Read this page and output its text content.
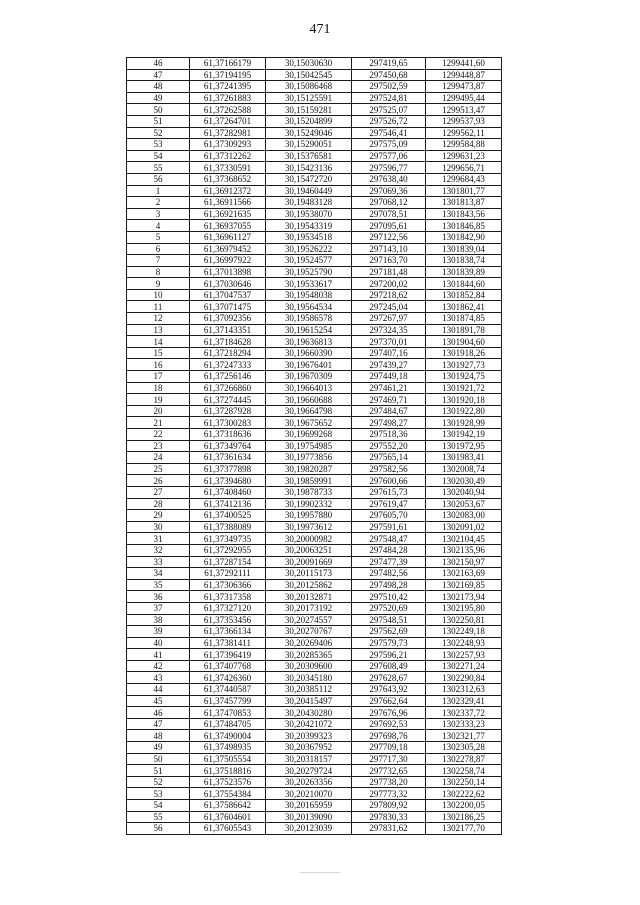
471
46	61,37166179	30,15030630	297419,65	1299441,60
47	61,37194195	30,15042545	297450,68	1299448,87
48	61,37241395	30,15086468	297502,59	1299473,87
49	61,37261883	30,15125591	297524,81	1299495,44
50	61,37262588	30,15159281	297525,07	1299513,47
51	61,37264701	30,15204899	297526,72	1299537,93
52	61,37282981	30,15249046	297546,41	1299562,11
53	61,37309293	30,15290051	297575,09	1299584,88
54	61,37312262	30,15376581	297577,06	1299631,23
55	61,37330591	30,15423136	297596,77	1299656,71
56	61,37368652	30,15472720	297638,40	1299684,43
1	61,36912372	30,19460449	297069,36	1301801,77
2	61,36911566	30,19483128	297068,12	1301813,87
3	61,36921635	30,19538070	297078,51	1301843,56
4	61,36937055	30,19543319	297095,61	1301846,85
5	61,36961127	30,19534518	297122,56	1301842,90
6	61,36979452	30,19526222	297143,10	1301839,04
7	61,36997922	30,19524577	297163,70	1301838,74
8	61,37013898	30,19525790	297181,48	1301839,89
9	61,37030646	30,19533617	297200,02	1301844,60
10	61,37047537	30,19548038	297218,62	1301852,84
11	61,37071475	30,19564534	297245,04	1301862,41
12	61,37092356	30,19586578	297267,97	1301874,85
13	61,37143351	30,19615254	297324,35	1301891,78
14	61,37184628	30,19636813	297370,01	1301904,60
15	61,37218294	30,19660390	297407,16	1301918,26
16	61,37247333	30,19676401	297439,27	1301927,73
17	61,37256146	30,19670309	297449,18	1301924,75
18	61,37266860	30,19664013	297461,21	1301921,72
19	61,37274445	30,19660688	297469,71	1301920,18
20	61,37287928	30,19664798	297484,67	1301922,80
21	61,37300283	30,19675652	297498,27	1301928,99
22	61,37318636	30,19699268	297518,36	1301942,19
23	61,37349764	30,19754985	297552,20	1301972,95
24	61,37361634	30,19773856	297565,14	1301983,41
25	61,37377898	30,19820287	297582,56	1302008,74
26	61,37394680	30,19859991	297600,66	1302030,49
27	61,37408460	30,19878733	297615,73	1302040,94
28	61,37412136	30,19902332	297619,47	1302053,67
29	61,37400525	30,19957880	297605,70	1302083,00
30	61,37388089	30,19973612	297591,61	1302091,02
31	61,37349735	30,20000982	297548,47	1302104,45
32	61,37292955	30,20063251	297484,28	1302135,96
33	61,37287154	30,20091669	297477,39	1302150,97
34	61,37292111	30,20115173	297482,56	1302163,69
35	61,37306366	30,20125862	297498,28	1302169,85
36	61,37317358	30,20132871	297510,42	1302173,94
37	61,37327120	30,20173192	297520,69	1302195,80
38	61,37353456	30,20274557	297548,51	1302250,81
39	61,37366134	30,20270767	297562,69	1302249,18
40	61,37381411	30,20269406	297579,73	1302248,93
41	61,37396419	30,20285365	297596,21	1302257,93
42	61,37407768	30,20309600	297608,49	1302271,24
43	61,37426360	30,20345180	297628,67	1302290,84
44	61,37440587	30,20385112	297643,92	1302312,63
45	61,37457799	30,20415497	297662,64	1302329,41
46	61,37470853	30,20430280	297676,96	1302337,72
47	61,37484705	30,20421072	297692,53	1302333,23
48	61,37490004	30,20399323	297698,76	1302321,77
49	61,37498935	30,20367952	297709,18	1302305,28
50	61,37505554	30,20318157	297717,30	1302278,87
51	61,37518816	30,20279724	297732,65	1302258,74
52	61,37523576	30,20263356	297738,20	1302250,14
53	61,37554384	30,20210070	297773,32	1302222,62
54	61,37586642	30,20165959	297809,92	1302200,05
55	61,37604601	30,20139090	297830,33	1302186,25
56	61,37605543	30,20123039	297831,62	1302177,70
